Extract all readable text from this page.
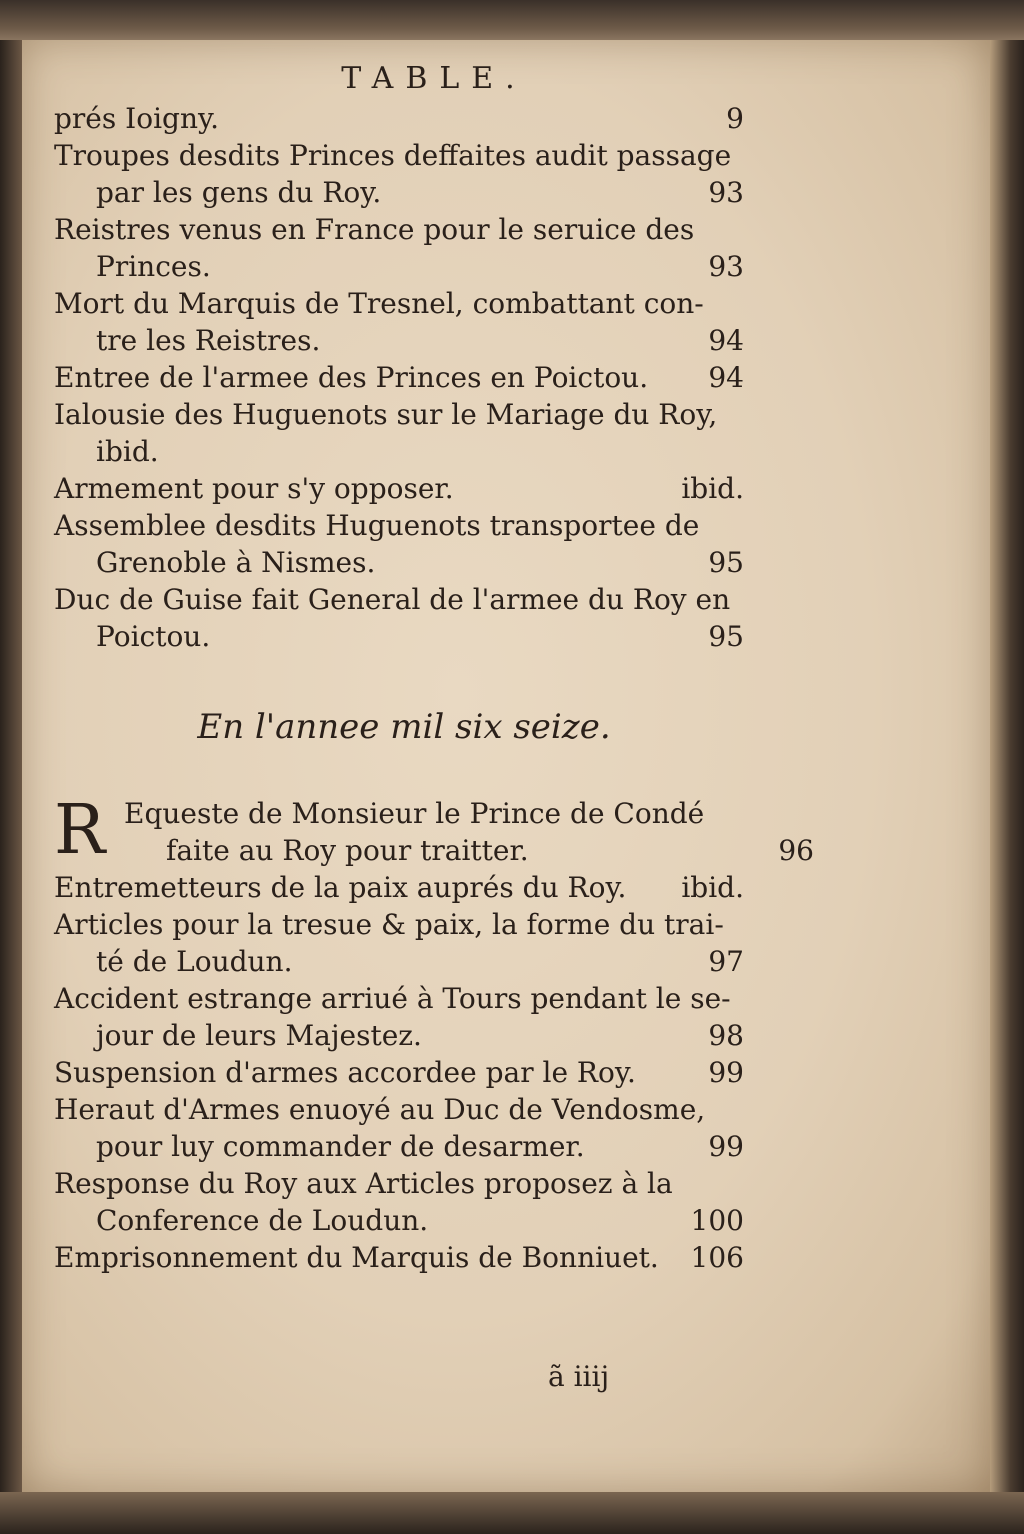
TABLE.
prés Ioigny.	9
Troupes desdits Princes deffaites audit passage
par les gens du Roy.	93
Reistres venus en France pour le seruice des
Princes.	93
Mort du Marquis de Tresnel, combattant con-
tre les Reistres.	94
Entree de l'armee des Princes en Poictou.	94
Ialousie des Huguenots sur le Mariage du Roy,
ibid.
Armement pour s'y opposer.	ibid.
Assemblee desdits Huguenots transportee de
Grenoble à Nismes.	95
Duc de Guise fait General de l'armee du Roy en
Poictou.	95
En l'annee mil six seize.
R Equeste de Monsieur le Prince de Condé
faite au Roy pour traitter.	96
Entremetteurs de la paix auprés du Roy.	ibid.
Articles pour la tresue & paix, la forme du trai-
té de Loudun.	97
Accident estrange arriué à Tours pendant le se-
jour de leurs Majestez.	98
Suspension d'armes accordee par le Roy.	99
Heraut d'Armes enuoyé au Duc de Vendosme,
pour luy commander de desarmer.	99
Response du Roy aux Articles proposez à la
Conference de Loudun.	100
Emprisonnement du Marquis de Bonniuet.	106
ã iiij
